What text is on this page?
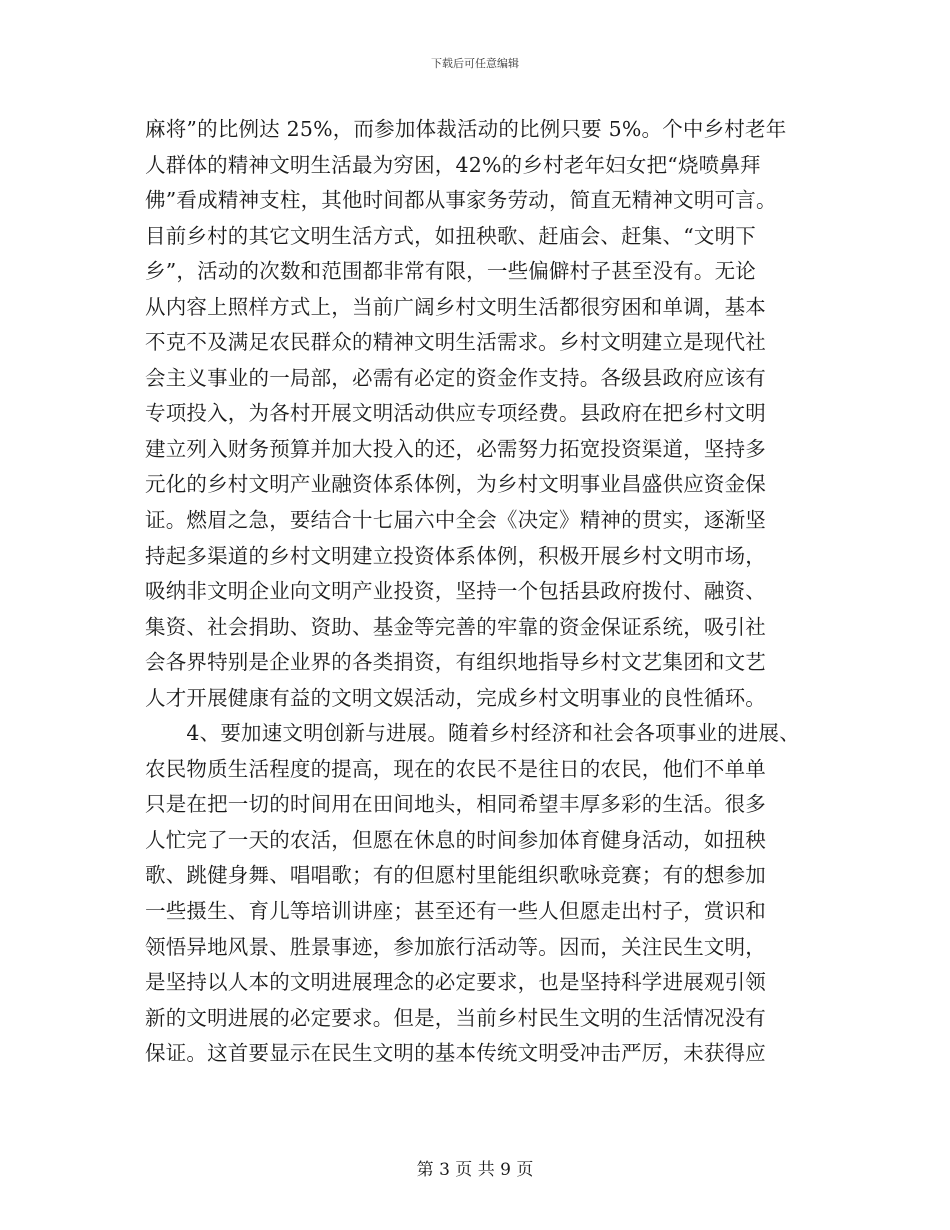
下载后可任意编辑
麻将”的比例达 25%，而参加体裁活动的比例只要 5%。个中乡村老年
人群体的精神文明生活最为穷困，42%的乡村老年妇女把“烧喷鼻拜
佛”看成精神支柱，其他时间都从事家务劳动，简直无精神文明可言。
目前乡村的其它文明生活方式，如扭秧歌、赶庙会、赶集、“文明下
乡”，活动的次数和范围都非常有限，一些偏僻村子甚至没有。无论
从内容上照样方式上，当前广阔乡村文明生活都很穷困和单调，基本
不克不及满足农民群众的精神文明生活需求。乡村文明建立是现代社
会主义事业的一局部，必需有必定的资金作支持。各级县政府应该有
专项投入，为各村开展文明活动供应专项经费。县政府在把乡村文明
建立列入财务预算并加大投入的还，必需努力拓宽投资渠道，坚持多
元化的乡村文明产业融资体系体例，为乡村文明事业昌盛供应资金保
证。燃眉之急，要结合十七届六中全会《决定》精神的贯实，逐渐坚
持起多渠道的乡村文明建立投资体系体例，积极开展乡村文明市场，
吸纳非文明企业向文明产业投资，坚持一个包括县政府拨付、融资、
集资、社会捐助、资助、基金等完善的牢靠的资金保证系统，吸引社
会各界特别是企业界的各类捐资，有组织地指导乡村文艺集团和文艺
人才开展健康有益的文明文娱活动，完成乡村文明事业的良性循环。
　　4、要加速文明创新与进展。随着乡村经济和社会各项事业的进展、
农民物质生活程度的提高，现在的农民不是往日的农民，他们不单单
只是在把一切的时间用在田间地头，相同希望丰厚多彩的生活。很多
人忙完了一天的农活，但愿在休息的时间参加体育健身活动，如扭秧
歌、跳健身舞、唱唱歌；有的但愿村里能组织歌咏竞赛；有的想参加
一些摄生、育儿等培训讲座；甚至还有一些人但愿走出村子，赏识和
领悟异地风景、胜景事迹，参加旅行活动等。因而，关注民生文明，
是坚持以人本的文明进展理念的必定要求，也是坚持科学进展观引领
新的文明进展的必定要求。但是，当前乡村民生文明的生活情况没有
保证。这首要显示在民生文明的基本传统文明受冲击严厉，未获得应
第 3 页 共 9 页
